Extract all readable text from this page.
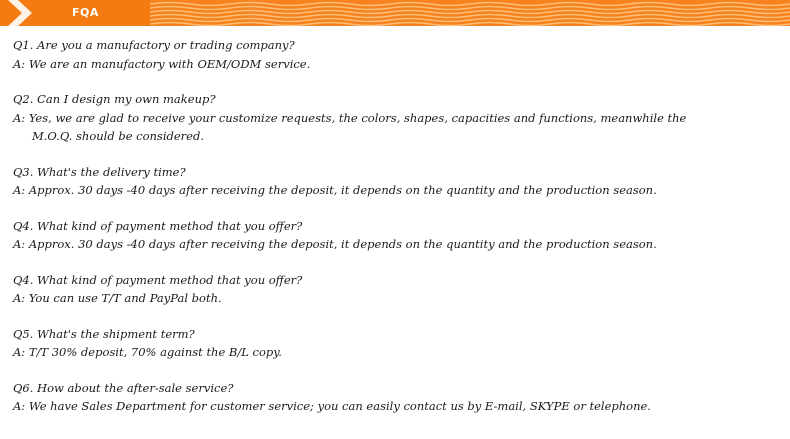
FQA
Q1. Are you a manufactory or trading company?
A: We are an manufactory with OEM/ODM service.
Q2. Can I design my own makeup?
A: Yes, we are glad to receive your customize requests, the colors, shapes, capacities and functions, meanwhile the
M.O.Q. should be considered.
Q3. What's the delivery time?
A: Approx. 30 days -40 days after receiving the deposit, it depends on the quantity and the production season.
Q4. What kind of payment method that you offer?
A: Approx. 30 days -40 days after receiving the deposit, it depends on the quantity and the production season.
Q4. What kind of payment method that you offer?
A: You can use T/T and PayPal both.
Q5. What's the shipment term?
A: T/T 30% deposit, 70% against the B/L copy.
Q6. How about the after-sale service?
A: We have Sales Department for customer service; you can easily contact us by E-mail, SKYPE or telephone.
